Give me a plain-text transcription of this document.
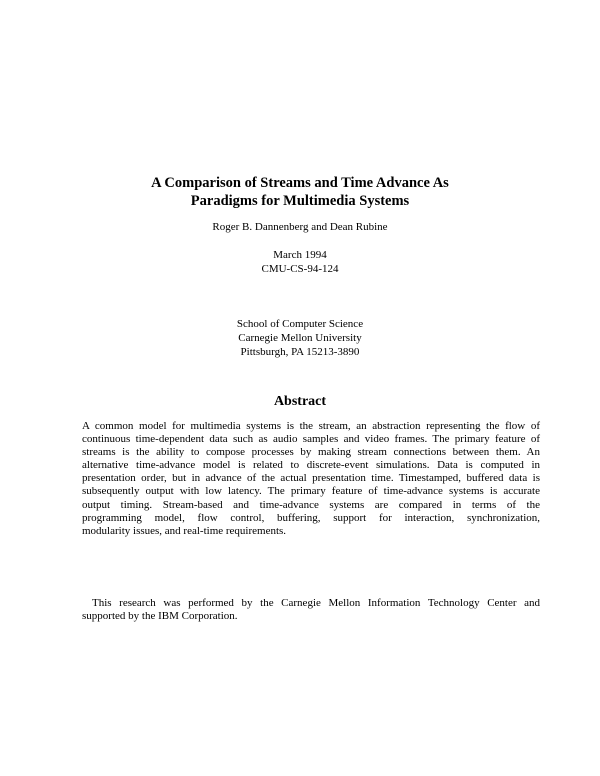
A Comparison of Streams and Time Advance As
Paradigms for Multimedia Systems
Roger B. Dannenberg and Dean Rubine
March 1994
CMU-CS-94-124
School of Computer Science
Carnegie Mellon University
Pittsburgh, PA 15213-3890
Abstract
A common model for multimedia systems is the stream, an abstraction representing the flow of
continuous time-dependent data such as audio samples and video frames. The primary feature of
streams is the ability to compose processes by making stream connections between them. An
alternative time-advance model is related to discrete-event simulations. Data is computed in
presentation order, but in advance of the actual presentation time. Timestamped, buffered data is
subsequently output with low latency. The primary feature of time-advance systems is accurate
output timing. Stream-based and time-advance systems are compared in terms of the
programming model, flow control, buffering, support for interaction, synchronization,
modularity issues, and real-time requirements.
This research was performed by the Carnegie Mellon Information Technology Center and
supported by the IBM Corporation.
